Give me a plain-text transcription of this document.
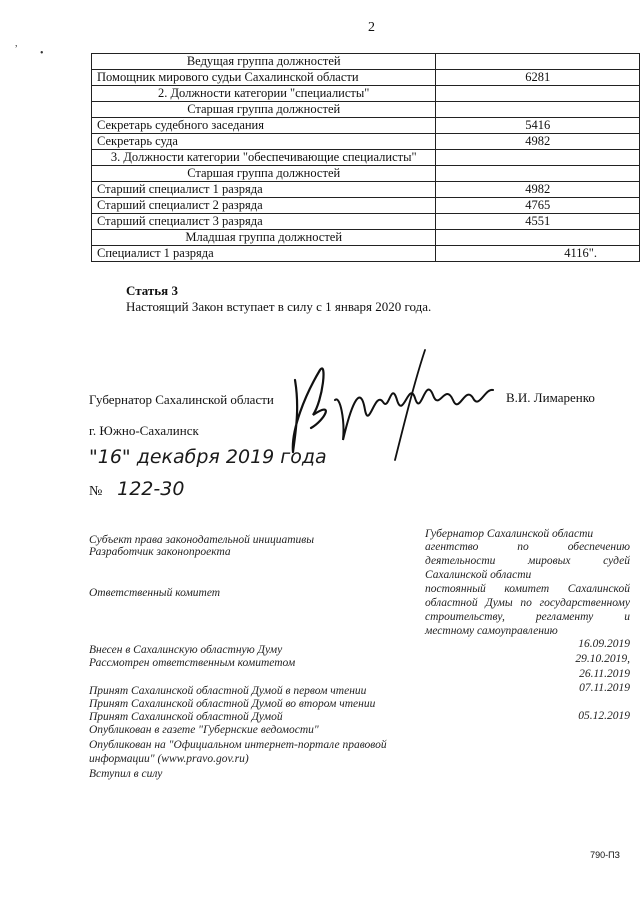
,
•
2
Ведущая группа должностей	
Помощник мирового судьи Сахалинской области	6281
2. Должности категории "специалисты"	
Старшая группа должностей	
Секретарь судебного заседания	5416
Секретарь суда	4982
3. Должности категории "обеспечивающие специалисты"	
Старшая группа должностей	
Старший специалист 1 разряда	4982
Старший специалист 2 разряда	4765
Старший специалист 3 разряда	4551
Младшая группа должностей	
Специалист 1 разряда	4116".
Статья 3
Настоящий Закон вступает в силу с 1 января 2020 года.
Губернатор Сахалинской области	В.И. Лимаренко
г. Южно-Сахалинск
"16" декабря 2019 года
№ 122-30
Субъект права законодательной инициативы	Губернатор Сахалинской области
Разработчик законопроекта	агентство по обеспечению
деятельности мировых судей
Сахалинской области
Ответственный комитет	постоянный комитет Сахалинской
областной Думы по государственному
строительству, регламенту и
местному самоуправлению
Внесен в Сахалинскую областную Думу	16.09.2019
Рассмотрен ответственным комитетом	29.10.2019,
26.11.2019
Принят Сахалинской областной Думой в первом чтении	07.11.2019
Принят Сахалинской областной Думой во втором чтении
Принят Сахалинской областной Думой	05.12.2019
Опубликован в газете "Губернские ведомости"
Опубликован на "Официальном интернет-портале правовой
информации" (www.pravo.gov.ru)
Вступил в силу
790-ПЗ
